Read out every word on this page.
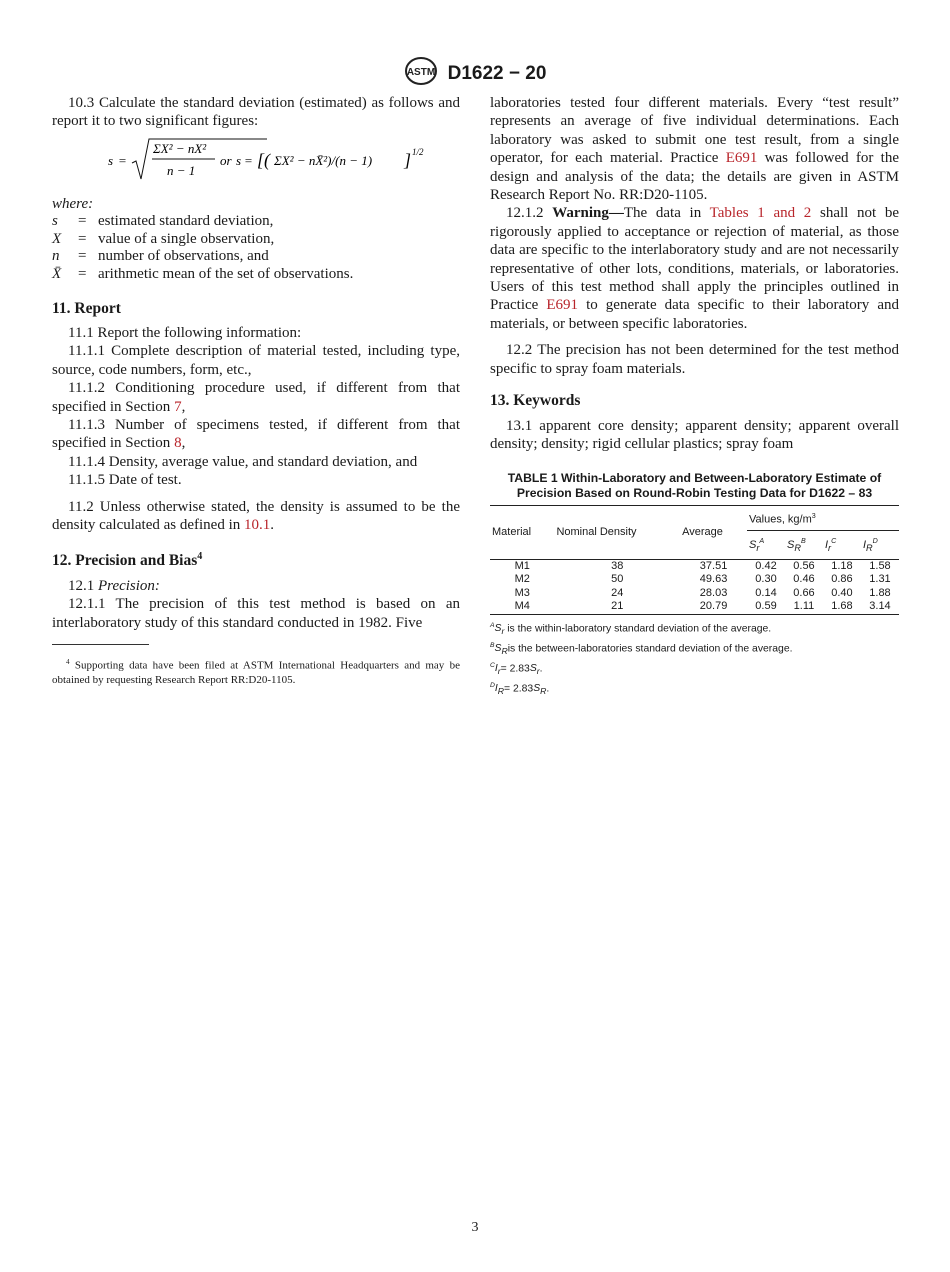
ASTM D1622 − 20

10.3 Calculate the standard deviation (estimated) as follows and report it to two significant figures:

s =
ΣX² − nX²
n − 1
or s = [( ΣX² − nX̄²)/(n − 1) ] 1/2

where:

s	=	estimated standard deviation,
X	=	value of a single observation,
n	=	number of observations, and
X̄	=	arithmetic mean of the set of observations.
11. Report

11.1 Report the following information:

11.1.1 Complete description of material tested, including type, source, code numbers, form, etc.,

11.1.2 Conditioning procedure used, if different from that specified in Section 7,

11.1.3 Number of specimens tested, if different from that specified in Section 8,

11.1.4 Density, average value, and standard deviation, and

11.1.5 Date of test.

11.2 Unless otherwise stated, the density is assumed to be the density calculated as defined in 10.1.

12. Precision and Bias$^4$

12.1 Precision:

12.1.1 The precision of this test method is based on an interlaboratory study of this standard conducted in 1982. Five

$^4$ Supporting data have been filed at ASTM International Headquarters and may be obtained by requesting Research Report RR:D20-1105.

laboratories tested four different materials. Every “test result” represents an average of five individual determinations. Each laboratory was asked to submit one test result, from a single operator, for each material. Practice E691 was followed for the design and analysis of the data; the details are given in ASTM Research Report No. RR:D20-1105.

12.1.2 Warning—The data in Tables 1 and 2 shall not be rigorously applied to acceptance or rejection of material, as those data are specific to the interlaboratory study and are not necessarily representative of other lots, conditions, materials, or laboratories. Users of this test method shall apply the principles outlined in Practice E691 to generate data specific to their laboratory and materials, or between specific laboratories.

12.2 The precision has not been determined for the test method specific to spray foam materials.

13. Keywords

13.1 apparent core density; apparent density; apparent overall density; density; rigid cellular plastics; spray foam

TABLE 1 Within-Laboratory and Between-Laboratory Estimate of Precision Based on Round-Robin Testing Data for D1622 – 83
Material	Nominal Density	Average	Values, $kg/m^3$
			$S_r^A$	$S_R^B$	$I_r^C$	$I_R^D$
M1	38	37.51	0.42	0.56	1.18	1.58
M2	50	49.63	0.30	0.46	0.86	1.31
M3	24	28.03	0.14	0.66	0.40	1.88
M4	21	20.79	0.59	1.11	1.68	3.14
$^AS_r$ is the within-laboratory standard deviation of the average.
$^BS_Ris$ the between-laboratories standard deviation of the average.
$^CI_r= 2.83S_r$.
$^DI_R= 2.83S_R$.
3
